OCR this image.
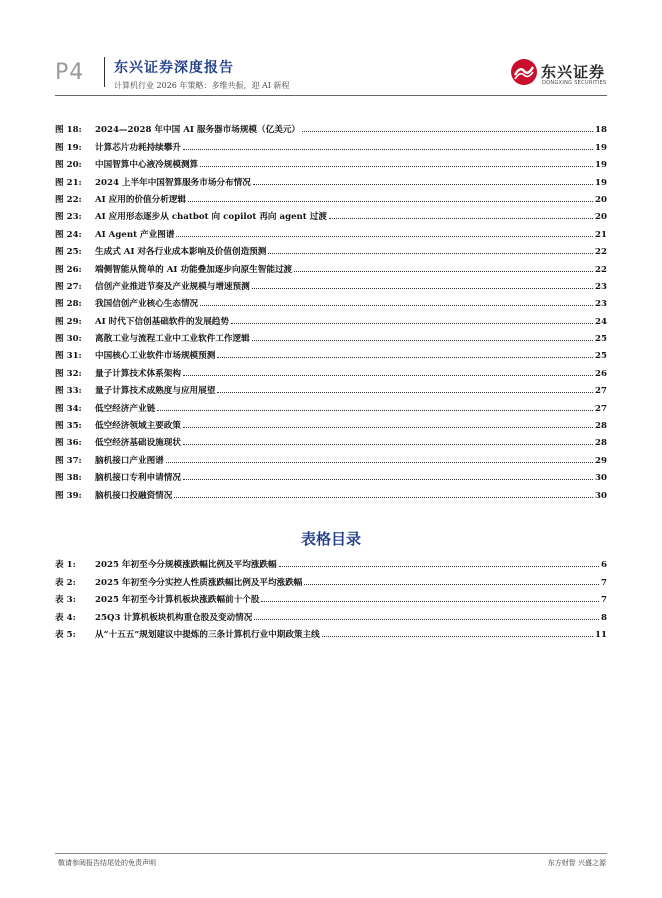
P4 东兴证券深度报告
计算机行业 2026 年策略：多维共振，迎 AI 新程
东兴证券
DONGXING SECURITIES
图 18:	2024—2028 年中国 AI 服务器市场规模（亿美元）	18
图 19:	计算芯片功耗持续攀升	19
图 20:	中国智算中心液冷规模测算	19
图 21:	2024 上半年中国智算服务市场分布情况	19
图 22:	AI 应用的价值分析逻辑	20
图 23:	AI 应用形态逐步从 chatbot 向 copilot 再向 agent 过渡	20
图 24:	AI Agent 产业图谱	21
图 25:	生成式 AI 对各行业成本影响及价值创造预测	22
图 26:	端侧智能从简单的 AI 功能叠加逐步向原生智能过渡	22
图 27:	信创产业推进节奏及产业规模与增速预测	23
图 28:	我国信创产业核心生态情况	23
图 29:	AI 时代下信创基础软件的发展趋势	24
图 30:	离散工业与流程工业中工业软件工作逻辑	25
图 31:	中国核心工业软件市场规模预测	25
图 32:	量子计算技术体系架构	26
图 33:	量子计算技术成熟度与应用展望	27
图 34:	低空经济产业链	27
图 35:	低空经济领域主要政策	28
图 36:	低空经济基础设施现状	28
图 37:	脑机接口产业图谱	29
图 38:	脑机接口专利申请情况	30
图 39:	脑机接口投融资情况	30
表格目录
表 1:	2025 年初至今分规模涨跌幅比例及平均涨跌幅	6
表 2:	2025 年初至今分实控人性质涨跌幅比例及平均涨跌幅	7
表 3:	2025 年初至今计算机板块涨跌幅前十个股	7
表 4:	25Q3 计算机板块机构重仓股及变动情况	8
表 5:	从“十五五”规划建议中提炼的三条计算机行业中期政策主线	11
敬请参阅报告结尾处的免责声明	东方财智 兴盛之源
